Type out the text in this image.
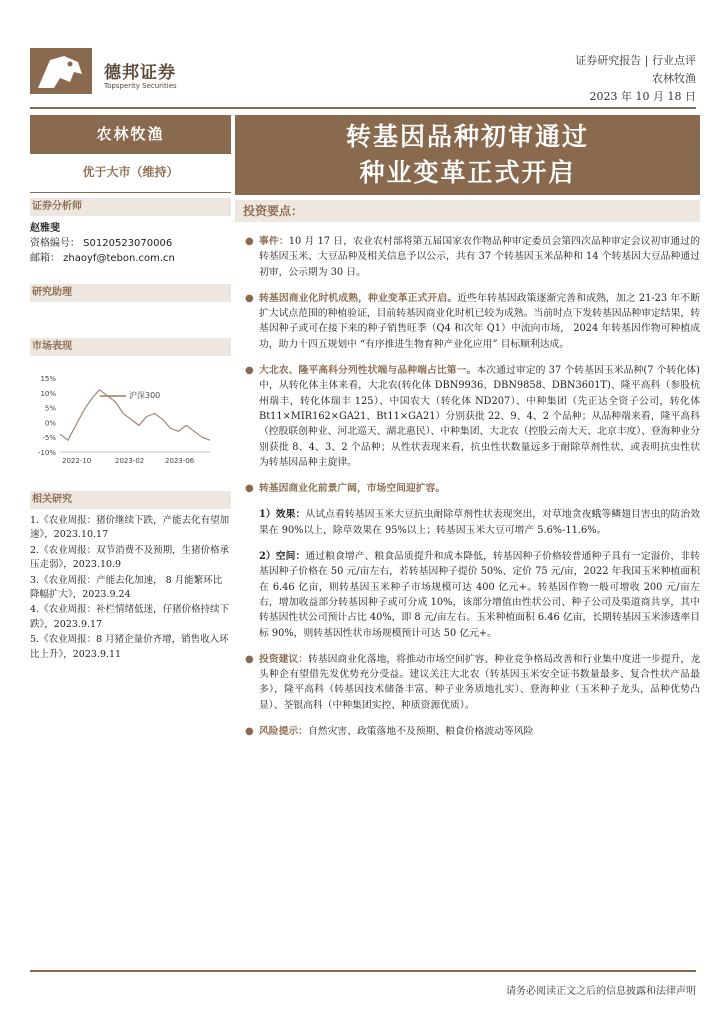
德邦证券
Topsperity Securities
证券研究报告 | 行业点评
农林牧渔
2023 年 10 月 18 日
农林牧渔	转基因品种初审通过
种业变革正式开启
优于大市（维持）
证券分析师
赵雅斐
资格编号： S0120523070006
邮箱： zhaoyf@tebon.com.cn
研究助理
市场表现
沪深300
15%
10%
5%
0%
-5%
-10%
2022-10	2023-02	2023-06
相关研究
1.《农业周报：猪价继续下跌，产能去化有望加速》，2023.10.17
2.《农业周报：双节消费不及预期，生猪价格承压走弱》，2023.10.9
3.《农业周报：产能去化加速， 8 月能繁环比降幅扩大》，2023.9.24
4.《农业周报：补栏情绪低迷，仔猪价格持续下跌》，2023.9.17
5.《农业周报：8 月猪企量价齐增，销售收入环比上升》，2023.9.11
投资要点：
● 事件：10 月 17 日，农业农村部将第五届国家农作物品种审定委员会第四次品种审定会议初审通过的转基因玉米、大豆品种及相关信息予以公示，共有 37 个转基因玉米品种和 14 个转基因大豆品种通过初审，公示期为 30 日。
● 转基因商业化时机成熟，种业变革正式开启。近些年转基因政策逐渐完善和成熟，加之 21-23 年不断扩大试点范围的种植验证，目前转基因商业化时机已较为成熟。当前时点下发转基因品种审定结果，转基因种子或可在接下来的种子销售旺季（Q4 和次年 Q1）中流向市场， 2024 年转基因作物可种植成功，助力十四五规划中 “有序推进生物育种产业化应用” 目标顺利达成。
● 大北农、隆平高科分列性状端与品种端占比第一。本次通过审定的 37 个转基因玉米品种(7 个转化体)中，从转化体主体来看，大北农(转化体 DBN9936、DBN9858、DBN3601T)、隆平高科（参股杭州瑞丰，转化体瑞丰 125）、中国农大（转化体 ND207）、中种集团（先正达全资子公司，转化体 Bt11×MIR162×GA21、Bt11×GA21）分别获批 22、9、4、2 个品种；从品种端来看，隆平高科（控股联创种业、河北巡天、湖北惠民）、中种集团、大北农（控股云南大天、北京丰度）、登海种业分别获批 8、4、3、2 个品种；从性状表现来看，抗虫性状数量远多于耐除草剂性状，或表明抗虫性状为转基因品种主旋律。
● 转基因商业化前景广阔，市场空间迎扩容。
1）效果：从试点看转基因玉米大豆抗虫耐除草剂性状表现突出，对草地贪夜蛾等鳞翅目害虫的防治效果在 90%以上，除草效果在 95%以上；转基因玉米大豆可增产 5.6%-11.6%。
2）空间：通过粮食增产、粮食品质提升和成本降低，转基因种子价格较普通种子具有一定溢价，非转基因种子价格在 50 元/亩左右，若转基因种子提价 50%、定价 75 元/亩，2022 年我国玉米种植面积在 6.46 亿亩，则转基因玉米种子市场规模可达 400 亿元+。转基因作物一般可增收 200 元/亩左右，增加收益部分转基因种子或可分成 10%，该部分增值由性状公司、种子公司及渠道商共享，其中转基因性状公司预计占比 40%，即 8 元/亩左右。玉米种植面积 6.46 亿亩，长期转基因玉米渗透率目标 90%，则转基因性状市场规模预计可达 50 亿元+。
● 投资建议：转基因商业化落地，将推动市场空间扩容、种业竞争格局改善和行业集中度进一步提升，龙头种企有望借先发优势充分受益。建议关注大北农（转基因玉米安全证书数量最多、复合性状产品最多），隆平高科（转基因技术储备丰富、种子业务质地扎实）、登海种业（玉米种子龙头，品种优势凸显）、荃银高科（中种集团实控、种质资源优质）。
● 风险提示：自然灾害、政策落地不及预期、粮食价格波动等风险
请务必阅读正文之后的信息披露和法律声明
